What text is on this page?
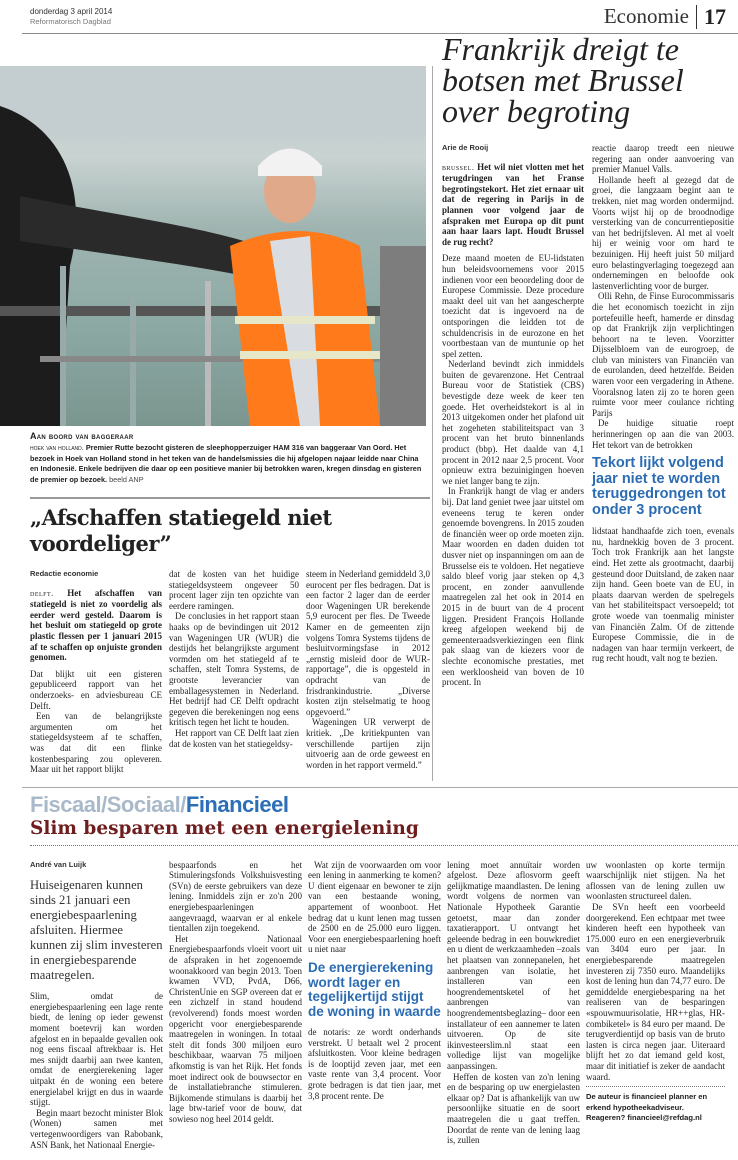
donderdag 3 april 2014
Reformatorisch Dagblad	Economie 17
Aan boord van baggeraar
hoek van holland. Premier Rutte bezocht gisteren de sleephopperzuiger HAM 316 van baggeraar Van Oord. Het bezoek in Hoek van Holland stond in het teken van de handelsmissies die hij afgelopen najaar leidde naar China en Indonesië. Enkele bedrijven die daar op een positieve manier bij betrokken waren, kregen dinsdag en gisteren de premier op bezoek. beeld ANP
„Afschaffen statiegeld niet voordeliger”
Redactie economie

delft. Het afschaffen van statiegeld is niet zo voordelig als eerder werd gesteld. Daarom is het besluit om statiegeld op grote plastic flessen per 1 januari 2015 af te schaffen op onjuiste gronden genomen.

Dat blijkt uit een gisteren gepubliceerd rapport van het onderzoeks- en adviesbureau CE Delft.

Een van de belangrijkste argumenten om het statiegeldsysteem af te schaffen, was dat dit een flinke kostenbesparing zou opleveren. Maar uit het rapport blijkt

dat de kosten van het huidige statiegeldsysteem ongeveer 50 procent lager zijn ten opzichte van eerdere ramingen.

De conclusies in het rapport staan haaks op de bevindingen uit 2012 van Wageningen UR (WUR) die destijds het belangrijkste argument vormden om het statiegeld af te schaffen, stelt Tomra Systems, de grootste leverancier van emballagesystemen in Nederland. Het bedrijf had CE Delft opdracht gegeven die berekeningen nog eens kritisch tegen het licht te houden.

Het rapport van CE Delft laat zien dat de kosten van het statiegeldsy-

steem in Nederland gemiddeld 3,0 eurocent per fles bedragen. Dat is een factor 2 lager dan de eerder door Wageningen UR berekende 5,9 eurocent per fles. De Tweede Kamer en de gemeenten zijn volgens Tomra Systems tijdens de besluitvormingsfase in 2012 „ernstig misleid door de WUR-rapportage”, die is opgesteld in opdracht van de frisdrankindustrie. „Diverse kosten zijn stelselmatig te hoog opgevoerd.”

Wageningen UR verwerpt de kritiek. „De kritiekpunten van verschillende partijen zijn uitvoerig aan de orde geweest en worden in het rapport vermeld.”

Frankrijk dreigt te botsen met Brussel over begroting
Arie de Rooij

brussel. Het wil niet vlotten met het terugdringen van het Franse begrotingstekort. Het ziet ernaar uit dat de regering in Parijs in de plannen voor volgend jaar de afspraken met Europa op dit punt aan haar laars lapt. Houdt Brussel de rug recht?

Deze maand moeten de EU-lidstaten hun beleidsvoornemens voor 2015 indienen voor een beoordeling door de Europese Commissie. Deze procedure maakt deel uit van het aangescherpte toezicht dat is ingevoerd na de ontsporingen die leidden tot de schuldencrisis in de eurozone en het voortbestaan van de muntunie op het spel zetten.

Nederland bevindt zich inmiddels buiten de gevarenzone. Het Centraal Bureau voor de Statistiek (CBS) bevestigde deze week de keer ten goede. Het overheidstekort is al in 2013 uitgekomen onder het plafond uit het zogeheten stabiliteitspact van 3 procent van het bruto binnenlands product (bbp). Het daalde van 4,1 procent in 2012 naar 2,5 procent. Voor opnieuw extra bezuinigingen hoeven we niet langer bang te zijn.

In Frankrijk hangt de vlag er anders bij. Dat land geniet twee jaar uitstel om eveneens terug te keren onder genoemde bovengrens. In 2015 zouden de financiën weer op orde moeten zijn. Maar woorden en daden duiden tot dusver niet op inspanningen om aan de Brusselse eis te voldoen. Het negatieve saldo bleef vorig jaar steken op 4,3 procent, en zonder aanvullende maatregelen zal het ook in 2014 en 2015 in de buurt van de 4 procent liggen. President François Hollande kreeg afgelopen weekend bij de gemeenteraadsverkiezingen een flink pak slaag van de kiezers voor de slechte economische prestaties, met een werkloosheid van boven de 10 procent. In

reactie daarop treedt een nieuwe regering aan onder aanvoering van premier Manuel Valls.

Hollande heeft al gezegd dat de groei, die langzaam begint aan te trekken, niet mag worden ondermijnd. Voorts wijst hij op de broodnodige versterking van de concurrentiepositie van het bedrijfsleven. Al met al voelt hij er weinig voor om hard te bezuinigen. Hij heeft juist 50 miljard euro belastingverlaging toegezegd aan ondernemingen en beloofde ook lastenverlichting voor de burger.

Olli Rehn, de Finse Eurocommissaris die het economisch toezicht in zijn portefeuille heeft, hamerde er dinsdag op dat Frankrijk zijn verplichtingen behoort na te leven. Voorzitter Dijsselbloem van de eurogroep, de club van ministers van Financiën van de eurolanden, deed hetzelfde. Beiden waren voor een vergadering in Athene. Vooralsnog laten zij zo te horen geen ruimte voor meer coulance richting Parijs

De huidige situatie roept herinneringen op aan die van 2003. Het tekort van de betrokken

Tekort lijkt volgend jaar niet te worden teruggedrongen tot onder 3 procent

lidstaat handhaafde zich toen, evenals nu, hardnekkig boven de 3 procent. Toch trok Frankrijk aan het langste eind. Het zette als grootmacht, daarbij gesteund door Duitsland, de zaken naar zijn hand. Geen boete van de EU, in plaats daarvan werden de spelregels van het stabiliteitspact versoepeld; tot grote woede van toenmalig minister van Financiën Zalm. Of de zittende Europese Commissie, die in de nadagen van haar termijn verkeert, de rug recht houdt, valt nog te bezien.

Fiscaal/Sociaal/Financieel
Slim besparen met een energielening
André van Luijk
Huiseigenaren kunnen sinds 21 januari een energiebespaarlening afsluiten. Hiermee kunnen zij slim investeren in energiebesparende maatregelen.

Slim, omdat de energiebespaarlening een lage rente biedt, de lening op ieder gewenst moment boetevrij kan worden afgelost en in bepaalde gevallen ook nog eens fiscaal aftrekbaar is. Het mes snijdt daarbij aan twee kanten, omdat de energierekening lager uitpakt én de woning een betere energielabel krijgt en dus in waarde stijgt.

Begin maart bezocht minister Blok (Wonen) samen met vertegenwoordigers van Rabobank, ASN Bank, het Nationaal Energie-

bespaarfonds en het Stimuleringsfonds Volkshuisvesting (SVn) de eerste gebruikers van deze lening. Inmiddels zijn er zo'n 200 energiebespaarleningen aangevraagd, waarvan er al enkele tientallen zijn toegekend.

Het Nationaal Energiebespaarfonds vloeit voort uit de afspraken in het zogenoemde woonakkoord van begin 2013. Toen kwamen VVD, PvdA, D66, ChristenUnie en SGP overeen dat er een zichzelf in stand houdend (revolverend) fonds moest worden opgericht voor energiebesparende maatregelen in woningen. In totaal stelt dit fonds 300 miljoen euro beschikbaar, waarvan 75 miljoen afkomstig is van het Rijk. Het fonds moet indirect ook de bouwsector en de installatiebranche stimuleren. Bijkomende stimulans is daarbij het lage btw-tarief voor de bouw, dat sowieso nog heel 2014 geldt.

Wat zijn de voorwaarden om voor een lening in aanmerking te komen? U dient eigenaar en bewoner te zijn van een bestaande woning, appartement of woonboot. Het bedrag dat u kunt lenen mag tussen de 2500 en de 25.000 euro liggen. Voor een energiebespaarlening hoeft u niet naar

De energierekening wordt lager en tegelijkertijd stijgt de woning in waarde

de notaris: ze wordt onderhands verstrekt. U betaalt wel 2 procent afsluitkosten. Voor kleine bedragen is de looptijd zeven jaar, met een vaste rente van 3,4 procent. Voor grote bedragen is dat tien jaar, met 3,8 procent rente. De

lening moet annuïtair worden afgelost. Deze aflosvorm geeft gelijkmatige maandlasten. De lening wordt volgens de normen van Nationale Hypotheek Garantie getoetst, maar dan zonder taxatierapport. U ontvangt het geleende bedrag in een bouwkrediet en u dient de werkzaamheden –zoals het plaatsen van zonnepanelen, het aanbrengen van isolatie, het installeren van een hoogrendementsketel of het aanbrengen van hoogrendementsbeglazing– door een installateur of een aannemer te laten uitvoeren. Op de site ikinvesteerslim.nl staat een volledige lijst van mogelijke aanpassingen.

Heffen de kosten van zo'n lening en de besparing op uw energielasten elkaar op? Dat is afhankelijk van uw persoonlijke situatie en de soort maatregelen die u gaat treffen. Doordat de rente van de lening laag is, zullen

uw woonlasten op korte termijn waarschijnlijk niet stijgen. Na het aflossen van de lening zullen uw woonlasten structureel dalen.

De SVn heeft een voorbeeld doorgerekend. Een echtpaar met twee kinderen heeft een hypotheek van 175.000 euro en een energieverbruik van 3404 euro per jaar. In energiebesparende maatregelen investeren zij 7350 euro. Maandelijks kost de lening hun dan 74,77 euro. De gemiddelde energiebesparing na het realiseren van de besparingen «spouwmuurisolatie, HR++glas, HR-combiketel» is 84 euro per maand. De terugverdientijd op basis van de bruto lasten is circa negen jaar. Uiteraard blijft het zo dat iemand geld kost, maar dit initiatief is zeker de aandacht waard.

De auteur is financieel planner en erkend hypotheekadviseur. Reageren? financieel@refdag.nl
